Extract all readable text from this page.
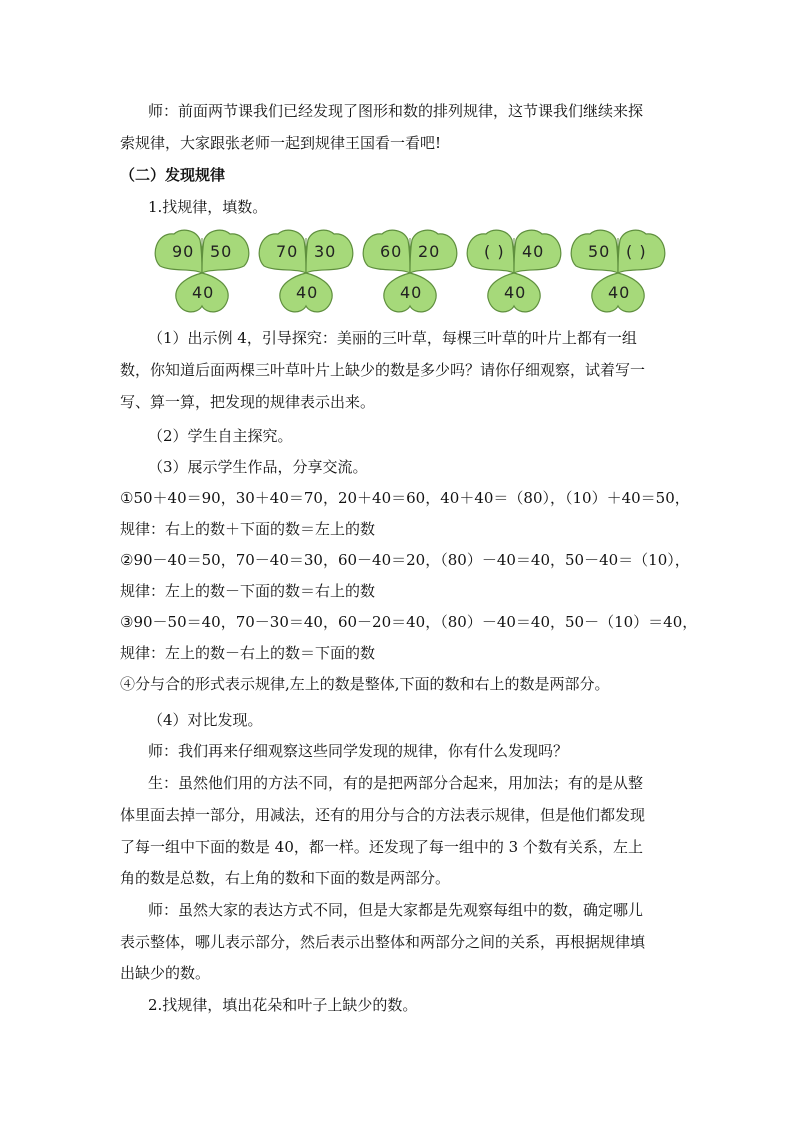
师：前面两节课我们已经发现了图形和数的排列规律，这节课我们继续来探
索规律，大家跟张老师一起到规律王国看一看吧!
（二）发现规律
1.找规律，填数。
90 50
40
70 30
40
60 20
40
( ) 40
40
50 ( )
40
（1）出示例 4，引导探究：美丽的三叶草，每棵三叶草的叶片上都有一组
数，你知道后面两棵三叶草叶片上缺少的数是多少吗？请你仔细观察，试着写一
写、算一算，把发现的规律表示出来。
（2）学生自主探究。
（3）展示学生作品，分享交流。
①50＋40＝90，30＋40＝70，20＋40＝60，40＋40＝（80），（10）＋40＝50，
规律：右上的数＋下面的数＝左上的数
②90－40＝50，70－40＝30，60－40＝20，（80）－40＝40，50－40＝（10），
规律：左上的数－下面的数＝右上的数
③90－50＝40，70－30＝40，60－20＝40，（80）－40＝40，50－（10）＝40，
规律：左上的数－右上的数＝下面的数
④分与合的形式表示规律,左上的数是整体,下面的数和右上的数是两部分。
（4）对比发现。
师：我们再来仔细观察这些同学发现的规律，你有什么发现吗？
生：虽然他们用的方法不同，有的是把两部分合起来，用加法；有的是从整
体里面去掉一部分，用减法，还有的用分与合的方法表示规律，但是他们都发现
了每一组中下面的数是 40，都一样。还发现了每一组中的 3 个数有关系，左上
角的数是总数，右上角的数和下面的数是两部分。
师：虽然大家的表达方式不同，但是大家都是先观察每组中的数，确定哪儿
表示整体，哪儿表示部分，然后表示出整体和两部分之间的关系，再根据规律填
出缺少的数。
2.找规律，填出花朵和叶子上缺少的数。
